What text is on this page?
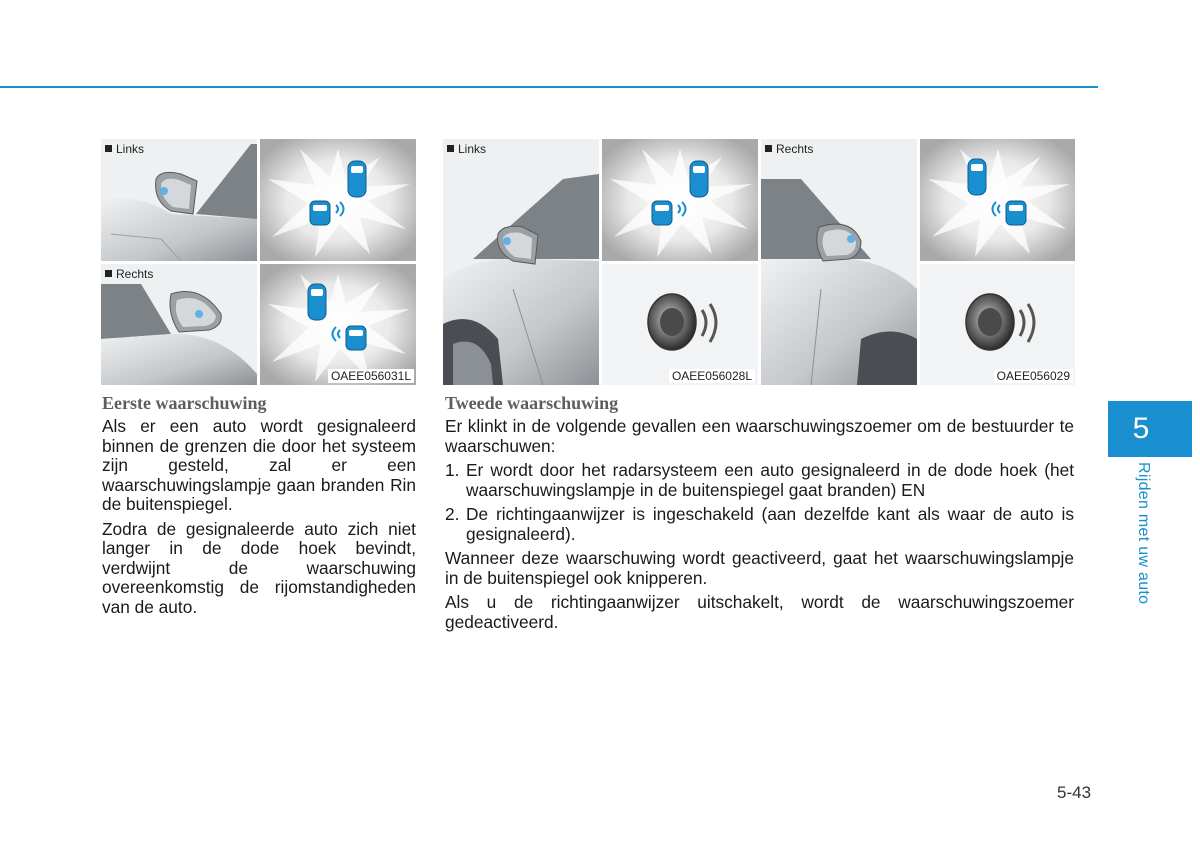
Links
Rechts
OAEE056031L
Links	Rechts
OAEE056028L	OAEE056029
Eerste waarschuwing

Als er een auto wordt gesignaleerd binnen de grenzen die door het systeem zijn gesteld, zal er een waarschuwingslampje gaan branden Rin de buitenspiegel.

Zodra de gesignaleerde auto zich niet langer in de dode hoek bevindt, verdwijnt de waarschuwing overeenkomstig de rijomstandigheden van de auto.

Tweede waarschuwing

Er klinkt in de volgende gevallen een waarschuwingszoemer om de bestuurder te waarschuwen:

1. Er wordt door het radarsysteem een auto gesignaleerd in de dode hoek (het waarschuwingslampje in de buitenspiegel gaat branden) EN
2. De richtingaanwijzer is ingeschakeld (aan dezelfde kant als waar de auto is gesignaleerd).

Wanneer deze waarschuwing wordt geactiveerd, gaat het waarschuwingslampje in de buitenspiegel ook knipperen.

Als u de richtingaanwijzer uitschakelt, wordt de waarschuwingszoemer gedeactiveerd.

5
Rijden met uw auto
5-43
